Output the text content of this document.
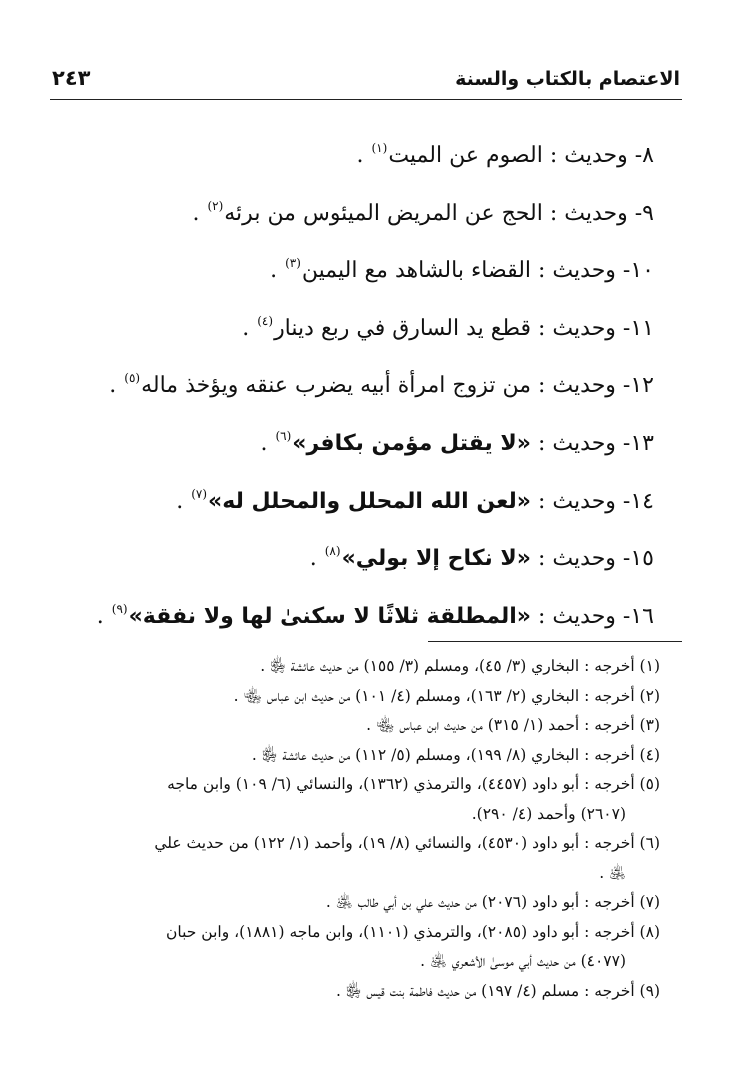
الاعتصام بالكتاب والسنة
٢٤٣
٨- وحديث : الصوم عن الميت$^{(١)}$ .
٩- وحديث : الحج عن المريض الميئوس من برئه$^{(٢)}$ .
١٠- وحديث : القضاء بالشاهد مع اليمين$^{(٣)}$ .
١١- وحديث : قطع يد السارق في ربع دينار$^{(٤)}$ .
١٢- وحديث : من تزوج امرأة أبيه يضرب عنقه ويؤخذ ماله$^{(٥)}$ .
١٣- وحديث : «لا يقتل مؤمن بكافر»$^{(٦)}$ .
١٤- وحديث : «لعن الله المحلل والمحلل له»$^{(٧)}$ .
١٥- وحديث : «لا نكاح إلا بولي»$^{(٨)}$ .
١٦- وحديث : «المطلقة ثلاثًا لا سكنىٰ لها ولا نفقة»$^{(٩)}$ .
(١) أخرجه : البخاري (٣/ ٤٥)، ومسلم (٣/ ١٥٥) من حديث عائشة ﵂ .
(٢) أخرجه : البخاري (٢/ ١٦٣)، ومسلم (٤/ ١٠١) من حديث ابن عباس ﵄ .
(٣) أخرجه : أحمد (١/ ٣١٥) من حديث ابن عباس ﵄ .
(٤) أخرجه : البخاري (٨/ ١٩٩)، ومسلم (٥/ ١١٢) من حديث عائشة ﵂ .
(٥) أخرجه : أبو داود (٤٤٥٧)، والترمذي (١٣٦٢)، والنسائي (٦/ ١٠٩) وابن ماجه
(٢٦٠٧) وأحمد (٤/ ٢٩٠).
(٦) أخرجه : أبو داود (٤٥٣٠)، والنسائي (٨/ ١٩)، وأحمد (١/ ١٢٢) من حديث علي
﵁ .
(٧) أخرجه : أبو داود (٢٠٧٦) من حديث علي بن أبي طالب ﵁ .
(٨) أخرجه : أبو داود (٢٠٨٥)، والترمذي (١١٠١)، وابن ماجه (١٨٨١)، وابن حبان
(٤٠٧٧) من حديث أبي موسىٰ الأشعري ﵁ .
(٩) أخرجه : مسلم (٤/ ١٩٧) من حديث فاطمة بنت قيس ﵂ .
